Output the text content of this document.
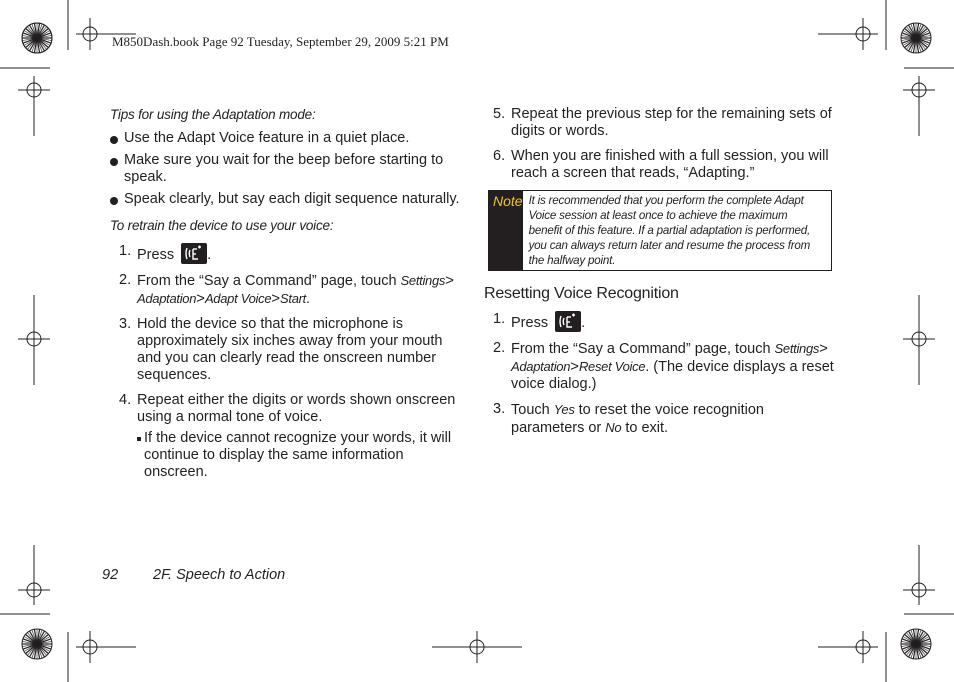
M850Dash.book Page 92 Tuesday, September 29, 2009 5:21 PM
Tips for using the Adaptation mode:
Use the Adapt Voice feature in a quiet place.
Make sure you wait for the beep before starting to speak.
Speak clearly, but say each digit sequence naturally.
To retrain the device to use your voice:
1. Press .
2. From the “Say a Command” page, touch Settings> Adaptation>Adapt Voice>Start.
3. Hold the device so that the microphone is approximately six inches away from your mouth and you can clearly read the onscreen number sequences.
4. Repeat either the digits or words shown onscreen using a normal tone of voice.
If the device cannot recognize your words, it will continue to display the same information onscreen.
5. Repeat the previous step for the remaining sets of digits or words.
6. When you are finished with a full session, you will reach a screen that reads, “Adapting.”
Note It is recommended that you perform the complete Adapt Voice session at least once to achieve the maximum benefit of this feature. If a partial adaptation is performed, you can always return later and resume the process from the halfway point.
Resetting Voice Recognition
1. Press .
2. From the “Say a Command” page, touch Settings> Adaptation>Reset Voice. (The device displays a reset voice dialog.)
3. Touch Yes to reset the voice recognition parameters or No to exit.
92 2F. Speech to Action
